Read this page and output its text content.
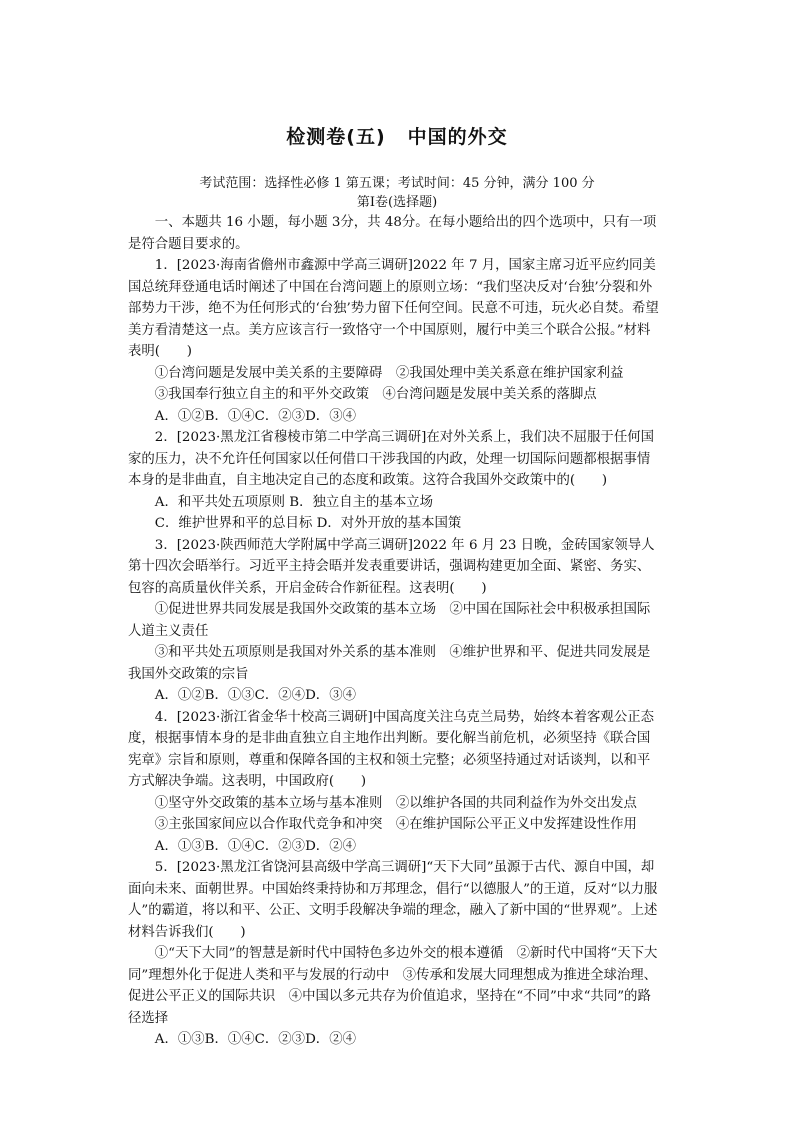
检测卷(五) 中国的外交
考试范围：选择性必修 1 第五课；考试时间：45 分钟，满分 100 分
第Ⅰ卷(选择题)

一、本题共 16 小题，每小题 3分，共 48分。在每小题给出的四个选项中，只有一项是符合题目要求的。

1．[2023·海南省儋州市鑫源中学高三调研]2022 年 7 月，国家主席习近平应约同美国总统拜登通电话时阐述了中国在台湾问题上的原则立场：“我们坚决反对‘台独’分裂和外部势力干涉，绝不为任何形式的‘台独’势力留下任何空间。民意不可违，玩火必自焚。希望美方看清楚这一点。美方应该言行一致恪守一个中国原则，履行中美三个联合公报。”材料表明(　　)

①台湾问题是发展中美关系的主要障碍　②我国处理中美关系意在维护国家利益

③我国奉行独立自主的和平外交政策　④台湾问题是发展中美关系的落脚点

A．①②B．①④C．②③D．③④

2．[2023·黑龙江省穆棱市第二中学高三调研]在对外关系上，我们决不屈服于任何国家的压力，决不允许任何国家以任何借口干涉我国的内政，处理一切国际问题都根据事情本身的是非曲直，自主地决定自己的态度和政策。这符合我国外交政策中的(　　)

A．和平共处五项原则 B．独立自主的基本立场

C．维护世界和平的总目标 D．对外开放的基本国策

3．[2023·陕西师范大学附属中学高三调研]2022 年 6 月 23 日晚，金砖国家领导人第十四次会晤举行。习近平主持会晤并发表重要讲话，强调构建更加全面、紧密、务实、包容的高质量伙伴关系，开启金砖合作新征程。这表明(　　)

①促进世界共同发展是我国外交政策的基本立场　②中国在国际社会中积极承担国际人道主义责任

③和平共处五项原则是我国对外关系的基本准则　④维护世界和平、促进共同发展是我国外交政策的宗旨

A．①②B．①③C．②④D．③④

4．[2023·浙江省金华十校高三调研]中国高度关注乌克兰局势，始终本着客观公正态度，根据事情本身的是非曲直独立自主地作出判断。要化解当前危机，必须坚持《联合国宪章》宗旨和原则，尊重和保障各国的主权和领土完整；必须坚持通过对话谈判，以和平方式解决争端。这表明，中国政府(　　)

①坚守外交政策的基本立场与基本准则　②以维护各国的共同利益作为外交出发点

③主张国家间应以合作取代竞争和冲突　④在维护国际公平正义中发挥建设性作用

A．①③B．①④C．②③D．②④

5．[2023·黑龙江省饶河县高级中学高三调研]“天下大同”虽源于古代、源自中国，却面向未来、面朝世界。中国始终秉持协和万邦理念，倡行“以德服人”的王道，反对“以力服人”的霸道，将以和平、公正、文明手段解决争端的理念，融入了新中国的“世界观”。上述材料告诉我们(　　)

①“天下大同”的智慧是新时代中国特色多边外交的根本遵循　②新时代中国将“天下大同”理想外化于促进人类和平与发展的行动中　③传承和发展大同理想成为推进全球治理、促进公平正义的国际共识　④中国以多元共存为价值追求，坚持在“不同”中求“共同”的路径选择

A．①③B．①④C．②③D．②④
